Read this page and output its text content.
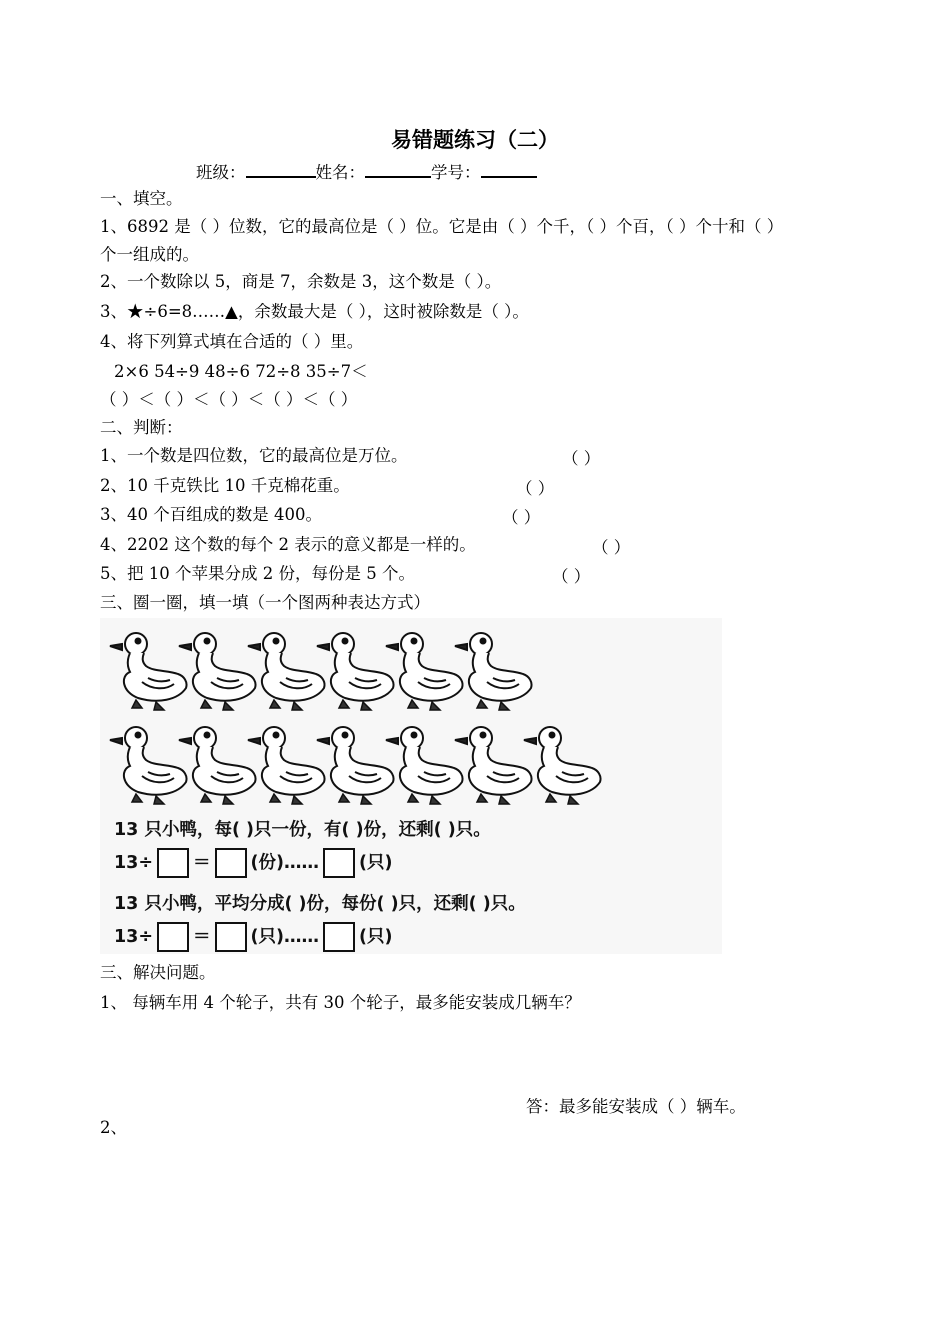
易错题练习（二）
班级：	姓名：	学号：
一、填空。
1、6892 是（ ）位数，它的最高位是（ ）位。它是由（ ）个千，（ ）个百，（ ）个十和（ ）
个一组成的。
2、一个数除以 5，商是 7，余数是 3，这个数是（ ）。
3、★÷6=8……▲，余数最大是（ ），这时被除数是（ ）。
4、将下列算式填在合适的（ ）里。
2×6 54÷9 48÷6 72÷8 35÷7＜
（ ）＜（ ）＜（ ）＜（ ）＜（ ）
二、判断：
1、一个数是四位数，它的最高位是万位。	（ ）
2、10 千克铁比 10 千克棉花重。	（ ）
3、40 个百组成的数是 400。	（ ）
4、2202 这个数的每个 2 表示的意义都是一样的。	（ ）
5、把 10 个苹果分成 2 份，每份是 5 个。	（ ）
三、圈一圈，填一填（一个图两种表达方式）
13 只小鸭，每( )只一份，有( )份，还剩( )只。
13÷ ＝ (份)…… (只)
13 只小鸭，平均分成( )份，每份( )只，还剩( )只。
13÷ ＝ (只)…… (只)
三、解决问题。
1、 每辆车用 4 个轮子，共有 30 个轮子，最多能安装成几辆车？
答：最多能安装成（ ）辆车。
2、
